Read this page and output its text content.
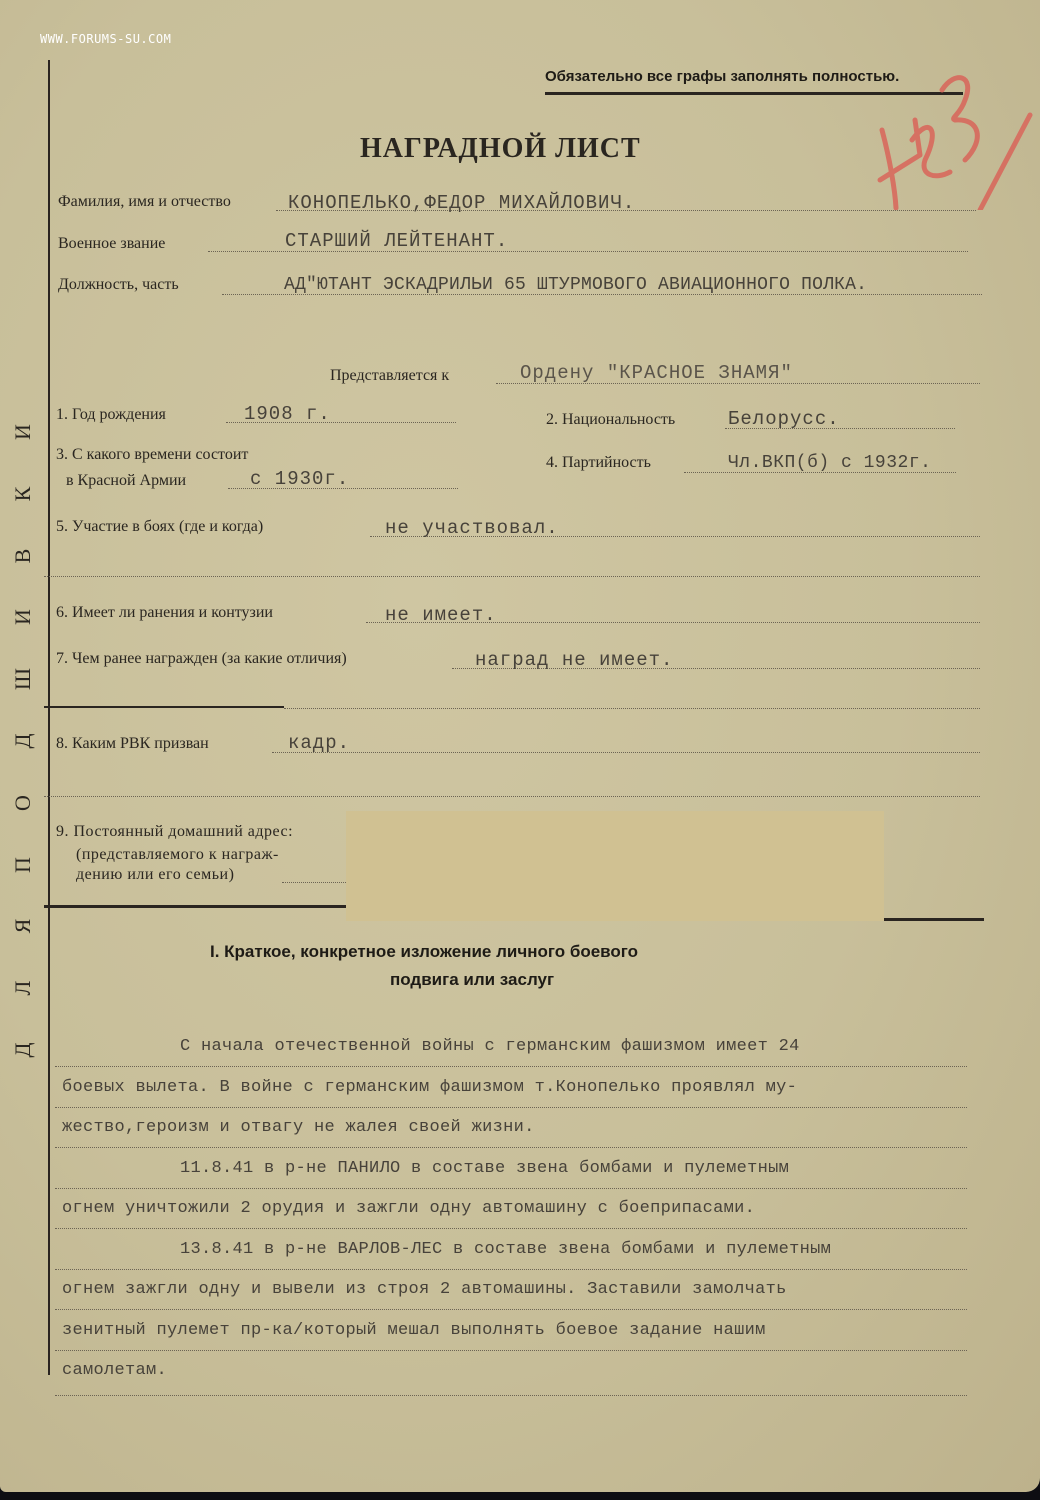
WWW.FORUMS-SU.COM
Д
Л
Я
П
О
Д
Ш
И
В
К
И
Обязательно все графы заполнять полностью.
НАГРАДНОЙ ЛИСТ
Фамилия, имя и отчество	КОНОПЕЛЬКО,ФЕДОР МИХАЙЛОВИЧ.
Военное звание	СТАРШИЙ ЛЕЙТЕНАНТ.
Должность, часть	АД"ЮТАНТ ЭСКАДРИЛЬИ 65 ШТУРМОВОГО АВИАЦИОННОГО ПОЛКА.
Представляется к	Ордену "КРАСНОЕ ЗНАМЯ"
1. Год рождения	1908 г.	2. Национальность	Белорусс.
3. С какого времени состоит
в Красной Армии	с 1930г.
4. Партийность	Чл.ВКП(б) с 1932г.
5. Участие в боях (где и когда)	не участвовал.
6. Имеет ли ранения и контузии	не имеет.
7. Чем ранее награжден (за какие отличия)	наград не имеет.
8. Каким РВК призван	кадр.
9. Постоянный домашний адрес:
(представляемого к награж-
дению или его семьи)
I. Краткое, конкретное изложение личного боевого
подвига или заслуг
С начала отечественной войны с германским фашизмом имеет 24
боевых вылета. В войне с германским фашизмом т.Конопелько проявлял му-
жество,героизм и отвагу не жалея своей жизни.
11.8.41 в р-не ПАНИЛО в составе звена бомбами и пулеметным
огнем уничтожили 2 орудия и зажгли одну автомашину с боеприпасами.
13.8.41 в р-не ВАРЛОВ-ЛЕС в составе звена бомбами и пулеметным
огнем зажгли одну и вывели из строя 2 автомашины. Заставили замолчать
зенитный пулемет пр-ка/который мешал выполнять боевое задание нашим
самолетам.
